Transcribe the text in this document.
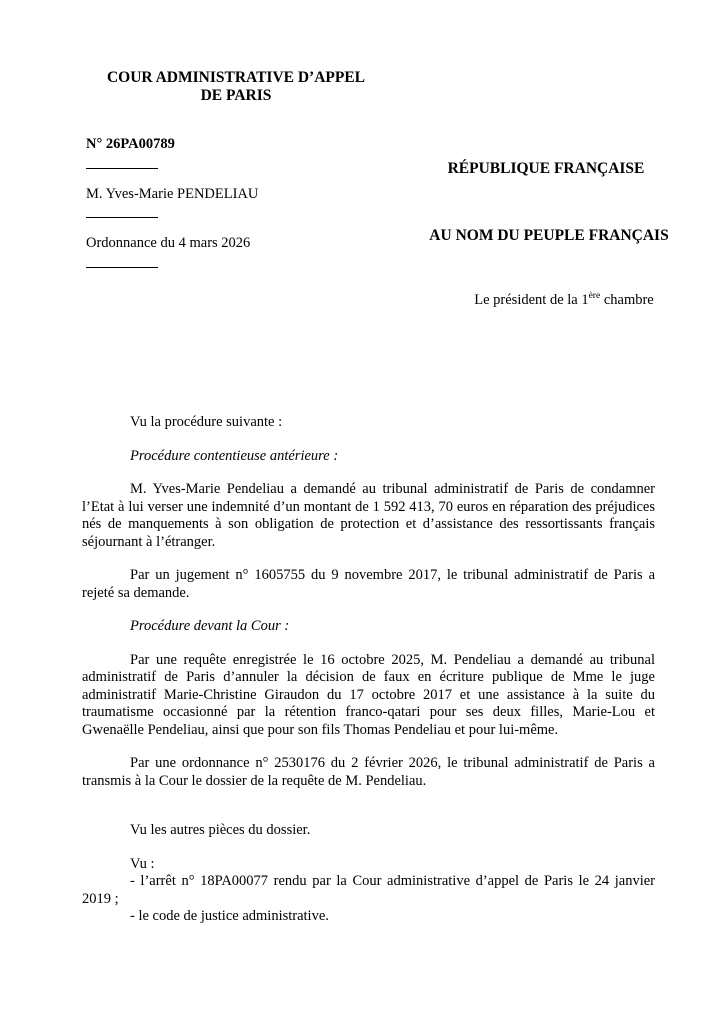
COUR ADMINISTRATIVE D’APPEL
DE PARIS
N° 26PA00789
M. Yves-Marie PENDELIAU
Ordonnance du 4 mars 2026
RÉPUBLIQUE FRANÇAISE
AU NOM DU PEUPLE FRANÇAIS
Le président de la 1ère chambre

Vu la procédure suivante :

Procédure contentieuse antérieure :

M. Yves-Marie Pendeliau a demandé au tribunal administratif de Paris de condamner l’Etat à lui verser une indemnité d’un montant de 1 592 413, 70 euros en réparation des préjudices nés de manquements à son obligation de protection et d’assistance des ressortissants français séjournant à l’étranger.

Par un jugement n° 1605755 du 9 novembre 2017, le tribunal administratif de Paris a rejeté sa demande.

Procédure devant la Cour :

Par une requête enregistrée le 16 octobre 2025, M. Pendeliau a demandé au tribunal administratif de Paris d’annuler la décision de faux en écriture publique de Mme le juge administratif Marie-Christine Giraudon du 17 octobre 2017 et une assistance à la suite du traumatisme occasionné par la rétention franco-qatari pour ses deux filles, Marie-Lou et Gwenaëlle Pendeliau, ainsi que pour son fils Thomas Pendeliau et pour lui-même.

Par une ordonnance n° 2530176 du 2 février 2026, le tribunal administratif de Paris a transmis à la Cour le dossier de la requête de M. Pendeliau.

Vu les autres pièces du dossier.

Vu :

- l’arrêt n° 18PA00077 rendu par la Cour administrative d’appel de Paris le 24 janvier 2019 ;

- le code de justice administrative.
